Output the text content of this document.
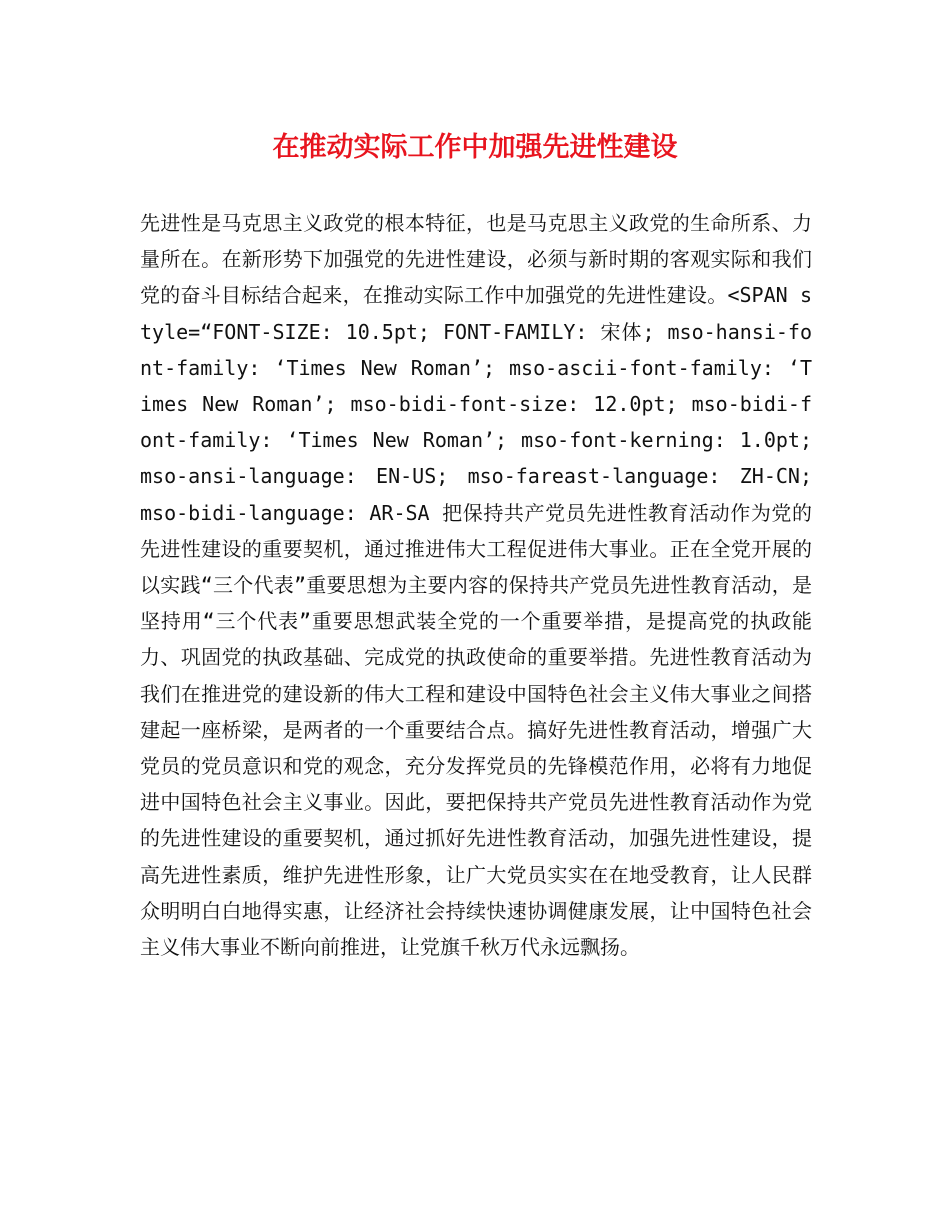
在推动实际工作中加强先进性建设

先进性是马克思主义政党的根本特征，也是马克思主义政党的生命所系、力量所在。在新形势下加强党的先进性建设，必须与新时期的客观实际和我们党的奋斗目标结合起来，在推动实际工作中加强党的先进性建设。<SPAN style=“FONT-SIZE: 10.5pt; FONT-FAMILY: 宋体; mso-hansi-font-family: ‘Times New Roman’; mso-ascii-font-family: ‘Times New Roman’; mso-bidi-font-size: 12.0pt; mso-bidi-font-family: ‘Times New Roman’; mso-font-kerning: 1.0pt; mso-ansi-language: EN-US; mso-fareast-language: ZH-CN; mso-bidi-language: AR-SA 把保持共产党员先进性教育活动作为党的先进性建设的重要契机，通过推进伟大工程促进伟大事业。正在全党开展的以实践“三个代表”重要思想为主要内容的保持共产党员先进性教育活动，是坚持用“三个代表”重要思想武装全党的一个重要举措，是提高党的执政能力、巩固党的执政基础、完成党的执政使命的重要举措。先进性教育活动为我们在推进党的建设新的伟大工程和建设中国特色社会主义伟大事业之间搭建起一座桥梁，是两者的一个重要结合点。搞好先进性教育活动，增强广大党员的党员意识和党的观念，充分发挥党员的先锋模范作用，必将有力地促进中国特色社会主义事业。因此，要把保持共产党员先进性教育活动作为党的先进性建设的重要契机，通过抓好先进性教育活动，加强先进性建设，提高先进性素质，维护先进性形象，让广大党员实实在在地受教育，让人民群众明明白白地得实惠，让经济社会持续快速协调健康发展，让中国特色社会主义伟大事业不断向前推进，让党旗千秋万代永远飘扬。
